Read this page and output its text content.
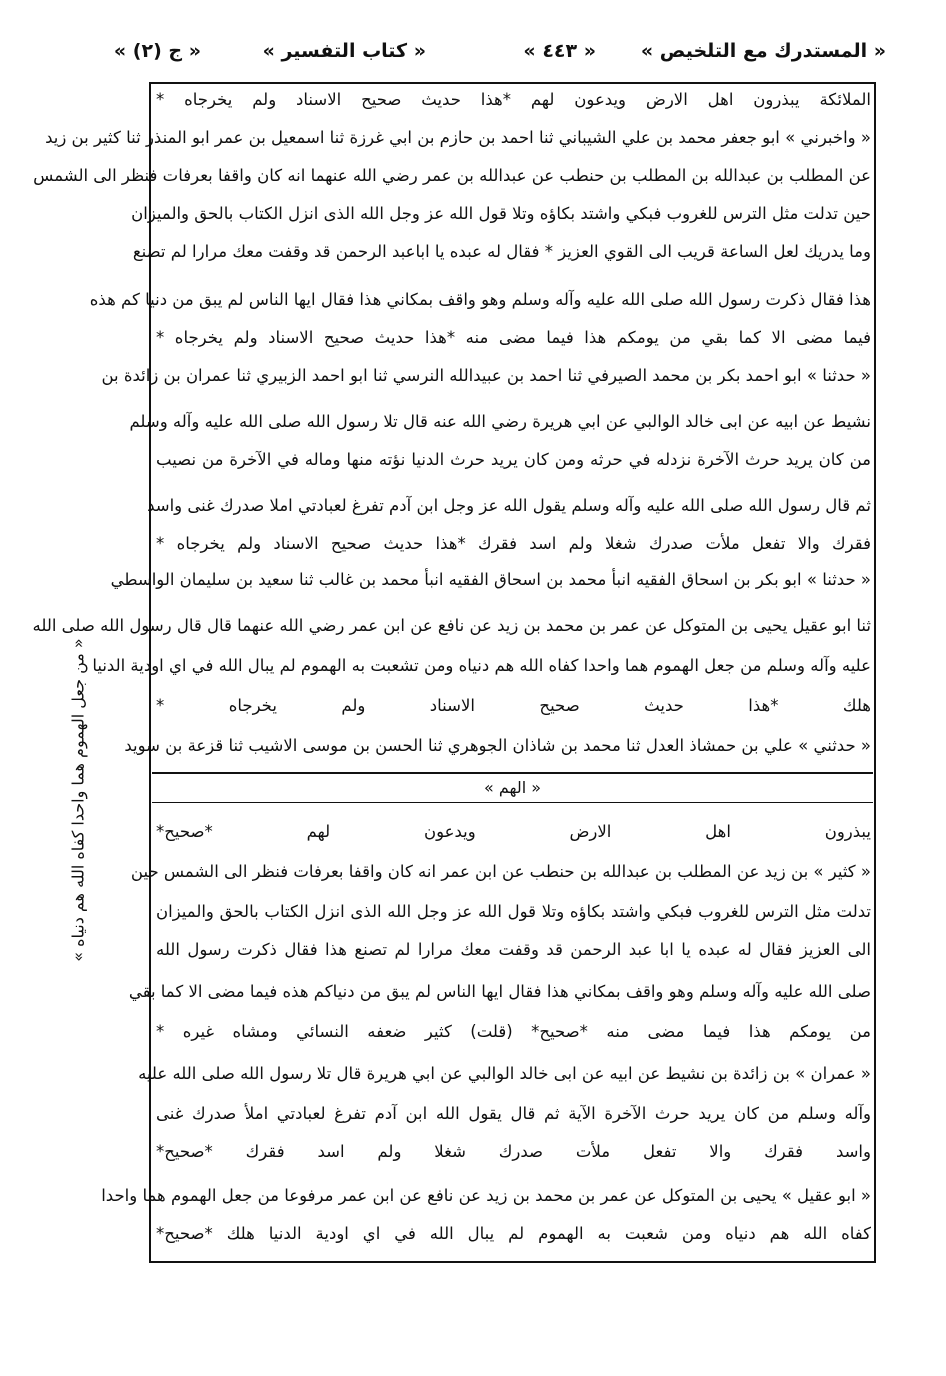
« المستدرك مع التلخيص »
« ٤٤٣ »
« كتاب التفسير »
« ج (٢) »
الملائكة يبذرون اهل الارض ويدعون لهم *هذا حديث صحيح الاسناد ولم يخرجاه *
« واخبرني » ابو جعفر محمد بن علي الشيباني ثنا احمد بن حازم بن ابي غرزة ثنا اسمعيل بن عمر ابو المنذر ثنا كثير بن زيد
عن المطلب بن عبدالله بن المطلب بن حنطب عن عبدالله بن عمر رضي الله عنهما انه كان واقفا بعرفات فنظر الى الشمس
حين تدلت مثل الترس للغروب فبكي واشتد بكاؤه وتلا قول الله عز وجل الله الذى انزل الكتاب بالحق والميزان
وما يدريك لعل الساعة قريب الى القوي العزيز * فقال له عبده يا اباعبد الرحمن قد وقفت معك مرارا لم تصنع
هذا فقال ذكرت رسول الله صلى الله عليه وآله وسلم وهو واقف بمكاني هذا فقال ايها الناس لم يبق من دنيا كم هذه
فيما مضى الا كما بقي من يومكم هذا فيما مضى منه *هذا حديث صحيح الاسناد ولم يخرجاه *
« حدثنا » ابو احمد بكر بن محمد الصيرفي ثنا احمد بن عبيدالله النرسي ثنا ابو احمد الزبيري ثنا عمران بن زائدة بن
نشيط عن ابيه عن ابى خالد الوالبي عن ابي هريرة رضي الله عنه قال تلا رسول الله صلى الله عليه وآله وسلم
من كان يريد حرث الآخرة نزدله في حرثه ومن كان يريد حرث الدنيا نؤته منها وماله في الآخرة من نصيب
ثم قال رسول الله صلى الله عليه وآله وسلم يقول الله عز وجل ابن آدم تفرغ لعبادتي املا صدرك غنى واسد
فقرك والا تفعل ملأت صدرك شغلا ولم اسد فقرك *هذا حديث صحيح الاسناد ولم يخرجاه *
« حدثنا » ابو بكر بن اسحاق الفقيه انبأ محمد بن اسحاق الفقيه انبأ محمد بن غالب ثنا سعيد بن سليمان الواسطي
ثنا ابو عقيل يحيى بن المتوكل عن عمر بن محمد بن زيد عن نافع عن ابن عمر رضي الله عنهما قال قال رسول الله صلى الله
عليه وآله وسلم من جعل الهموم هما واحدا كفاه الله هم دنياه ومن تشعبت به الهموم لم يبال الله في اي اودية الدنيا
هلك *هذا حديث صحيح الاسناد ولم يخرجاه *
« حدثني » علي بن حمشاذ العدل ثنا محمد بن شاذان الجوهري ثنا الحسن بن موسى الاشيب ثنا قزعة بن سويد
« الهم »
يبذرون اهل الارض ويدعون لهم *صحيح*
« كثير » بن زيد عن المطلب بن عبدالله بن حنطب عن ابن عمر انه كان واقفا بعرفات فنظر الى الشمس حين
تدلت مثل الترس للغروب فبكي واشتد بكاؤه وتلا قول الله عز وجل الله الذى انزل الكتاب بالحق والميزان
الى العزيز فقال له عبده يا ابا عبد الرحمن قد وقفت معك مرارا لم تصنع هذا فقال ذكرت رسول الله
صلى الله عليه وآله وسلم وهو واقف بمكاني هذا فقال ايها الناس لم يبق من دنياكم هذه فيما مضى الا كما بقي
من يومكم هذا فيما مضى منه *صحيح* (قلت) كثير ضعفه النسائي ومشاه غيره *
« عمران » بن زائدة بن نشيط عن ابيه عن ابى خالد الوالبي عن ابي هريرة قال تلا رسول الله صلى الله عليه
وآله وسلم من كان يريد حرث الآخرة الآية ثم قال يقول الله ابن آدم تفرغ لعبادتي املأ صدرك غنى
واسد فقرك والا تفعل ملأت صدرك شغلا ولم اسد فقرك *صحيح*
« ابو عقيل » يحيى بن المتوكل عن عمر بن محمد بن زيد عن نافع عن ابن عمر مرفوعا من جعل الهموم هما واحدا
كفاه الله هم دنياه ومن شعبت به الهموم لم يبال الله في اي اودية الدنيا هلك *صحيح*
« من جعل الهموم هما واحدا كفاه الله هم دنياه »
